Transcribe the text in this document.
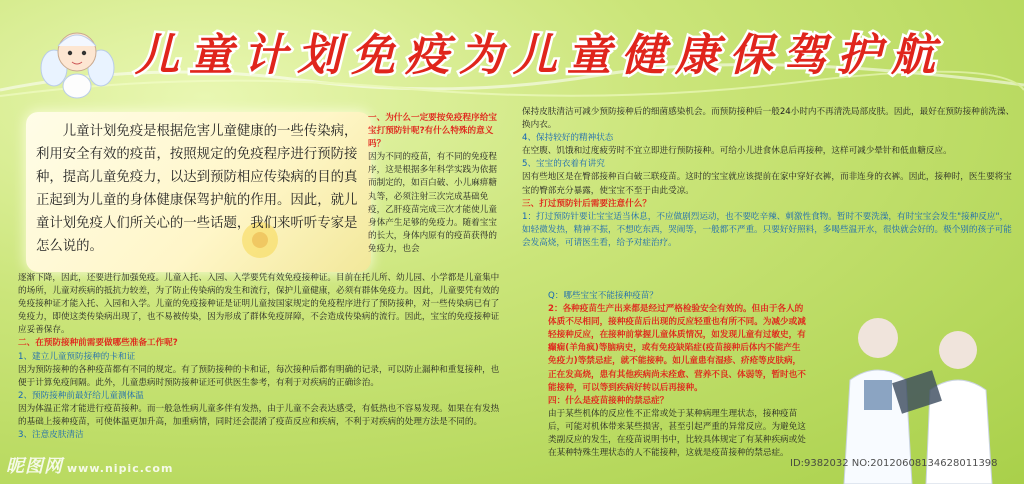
儿童计划免疫为儿童健康保驾护航

儿童计划免疫是根据危害儿童健康的一些传染病，利用安全有效的疫苗，按照规定的免疫程序进行预防接种，提高儿童免疫力，以达到预防相应传染病的目的真正起到为儿童的身体健康保驾护航的作用。因此，就儿童计划免疫人们所关心的一些话题，我们来听听专家是怎么说的。

一、为什么一定要按免疫程序给宝宝打预防针呢?有什么特殊的意义吗？

因为不同的疫苗，有不同的免疫程序，这是根据多年科学实践为依据而制定的，如百白破、小儿麻痹糖丸等，必须注射三次完成基础免疫，乙肝疫苗完成三次才能使儿童身体产生足够的免疫力。随着宝宝的长大，身体内原有的疫苗获得的免疫力，也会

逐渐下降，因此，还要进行加强免疫。儿童入托、入园、入学要凭有效免疫接种证。目前在托儿所、幼儿园、小学都是儿童集中的场所，儿童对疾病的抵抗力较差，为了防止传染病的发生和流行，保护儿童健康，必须有群体免疫力。因此，儿童要凭有效的免疫接种证才能入托、入园和入学。儿童的免疫接种证是证明儿童按国家规定的免疫程序进行了预防接种，对一些传染病已有了免疫力，即使这类传染病出现了，也不易被传染，因为形成了群体免疫屏障，不会造成传染病的流行。因此，宝宝的免疫接种证应妥善保存。

二、在预防接种前需要做哪些准备工作呢?

1、建立儿童预防接种的卡和证

因为预防接种的各种疫苗都有不同的规定。有了预防接种的卡和证，每次接种后都有明确的记录，可以防止漏种和重复接种，也便于计算免疫间隔。此外，儿童患病时预防接种证还可供医生参考，有利于对疾病的正确诊治。

2、预防接种前最好给儿童测体温

因为体温正常才能进行疫苗接种。而一般急性病儿童多伴有发热，由于儿童不会表达感受，有低热也不容易发现。如果在有发热的基础上接种疫苗，可使体温更加升高，加重病情，同时还会混淆了疫苗反应和疾病，不利于对疾病的处理方法是不同的。

3、注意皮肤清洁

保持皮肤清洁可减少预防接种后的细菌感染机会。而预防接种后一般24小时内不再清洗局部皮肤。因此，最好在预防接种前洗澡、换内衣。

4、保持较好的精神状态

在空腹、饥饿和过度疲劳时不宜立即进行预防接种。可给小儿进食休息后再接种，这样可减少晕针和低血糖反应。

5、宝宝的衣着有讲究

因有些地区是在臀部接种百白破三联疫苗。这时的宝宝就应该提前在家中穿好衣裤，而非连身的衣裤。因此，接种时，医生要将宝宝的臀部充分暴露，使宝宝不至于由此受凉。

三、打过预防针后需要注意什么？

1：打过预防针要让宝宝适当休息，不应做剧烈运动，也不要吃辛辣、刺激性食物。暂时不要洗澡，有时宝宝会发生"接种反应"，如轻微发热，精神不振，不想吃东西，哭闹等，一般都不严重。只要好好照料，多喝些温开水，很快就会好的。极个别的孩子可能会发高烧，可请医生看，给予对症治疗。

Q：哪些宝宝不能接种疫苗？

2：各种疫苗生产出来都是经过严格检验安全有效的。但由于各人的体质不尽相同，接种疫苗后出现的反应轻重也有所不同。为减少或减轻接种反应，在接种前掌握儿童体质情况，如发现儿童有过敏史，有癫痫(羊角疯)等脑病史，或有免疫缺陷症(疫苗接种后体内不能产生免疫力)等禁忌症，就不能接种。如儿童患有湿疹、疥疮等皮肤病，正在发高烧，患有其他疾病尚未痊愈、营养不良、体弱等，暂时也不能接种，可以等到疾病好转以后再接种。

四：什么是疫苗接种的禁忌症？

由于某些机体的反应性不正常或处于某种病理生理状态，接种疫苗后，可能对机体带来某些损害，甚至引起严重的异常反应。为避免这类副反应的发生，在疫苗说明书中，比较具体规定了有某种疾病或处在某种特殊生理状态的人不能接种，这就是疫苗接种的禁忌症。

昵图网 www.nipic.com	ID:9382032 NO:20120608134628011398
